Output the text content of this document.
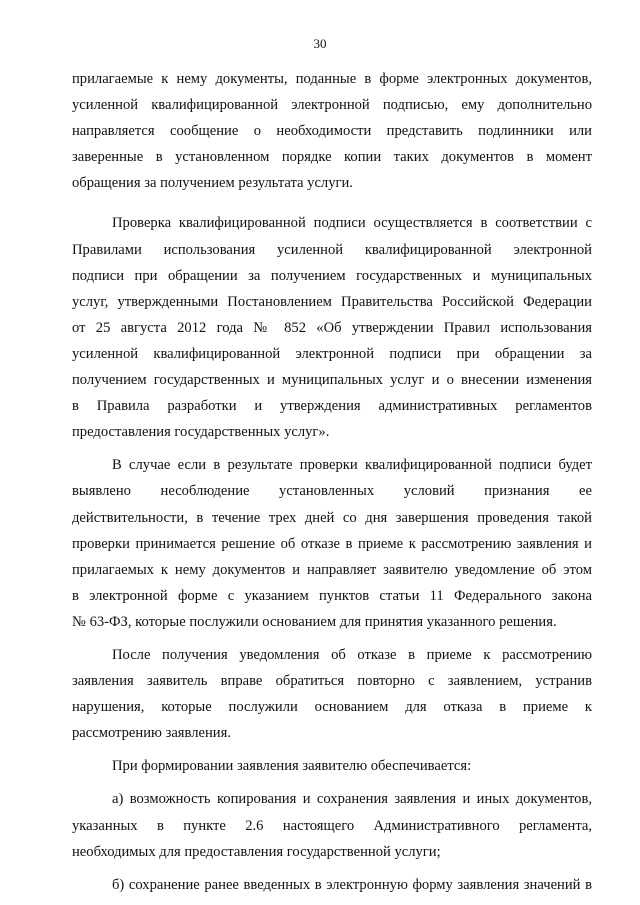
30

прилагаемые к нему документы, поданные в форме электронных документов,
усиленной квалифицированной электронной подписью, ему дополнительно
направляется сообщение о необходимости представить подлинники или
заверенные в установленном порядке копии таких документов в момент
обращения за получением результата услуги.

Проверка квалифицированной подписи осуществляется в соответствии с
Правилами использования усиленной квалифицированной электронной
подписи при обращении за получением государственных и муниципальных
услуг, утвержденными Постановлением Правительства Российской Федерации
от 25 августа 2012 года № 852 «Об утверждении Правил использования
усиленной квалифицированной электронной подписи при обращении за
получением государственных и муниципальных услуг и о внесении изменения
в Правила разработки и утверждения административных регламентов
предоставления государственных услуг».

В случае если в результате проверки квалифицированной подписи будет
выявлено несоблюдение установленных условий признания ее
действительности, в течение трех дней со дня завершения проведения такой
проверки принимается решение об отказе в приеме к рассмотрению заявления и
прилагаемых к нему документов и направляет заявителю уведомление об этом
в электронной форме с указанием пунктов статьи 11 Федерального закона
№ 63-ФЗ, которые послужили основанием для принятия указанного решения.

После получения уведомления об отказе в приеме к рассмотрению
заявления заявитель вправе обратиться повторно с заявлением, устранив
нарушения, которые послужили основанием для отказа в приеме к
рассмотрению заявления.

При формировании заявления заявителю обеспечивается:

а) возможность копирования и сохранения заявления и иных документов,
указанных в пункте 2.6 настоящего Административного регламента,
необходимых для предоставления государственной услуги;

б) сохранение ранее введенных в электронную форму заявления значений в
